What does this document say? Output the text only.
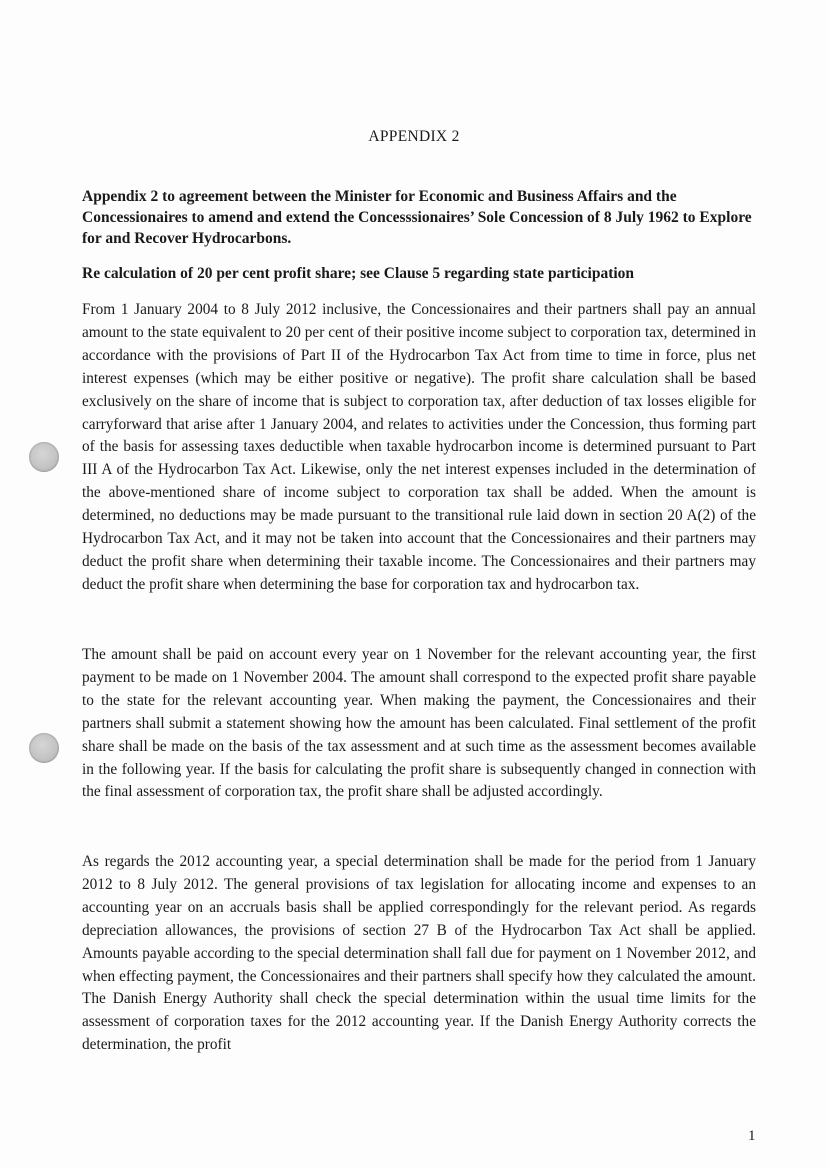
APPENDIX 2
Appendix 2 to agreement between the Minister for Economic and Business Affairs and the Concessionaires to amend and extend the Concesssionaires’ Sole Concession of 8 July 1962 to Explore for and Recover Hydrocarbons.
Re calculation of 20 per cent profit share; see Clause 5 regarding state participation

From 1 January 2004 to 8 July 2012 inclusive, the Concessionaires and their partners shall pay an annual amount to the state equivalent to 20 per cent of their positive income subject to corporation tax, determined in accordance with the provisions of Part II of the Hydrocarbon Tax Act from time to time in force, plus net interest expenses (which may be either positive or negative). The profit share calculation shall be based exclusively on the share of income that is subject to corporation tax, after deduction of tax losses eligible for carryforward that arise after 1 January 2004, and relates to activities under the Concession, thus forming part of the basis for assessing taxes deductible when taxable hydrocarbon income is determined pursuant to Part III A of the Hydrocarbon Tax Act. Likewise, only the net interest expenses included in the determination of the above-mentioned share of income subject to corporation tax shall be added. When the amount is determined, no deductions may be made pursuant to the transitional rule laid down in section 20 A(2) of the Hydrocarbon Tax Act, and it may not be taken into account that the Concessionaires and their partners may deduct the profit share when determining their taxable income. The Concessionaires and their partners may deduct the profit share when determining the base for corporation tax and hydrocarbon tax.

The amount shall be paid on account every year on 1 November for the relevant accounting year, the first payment to be made on 1 November 2004. The amount shall correspond to the expected profit share payable to the state for the relevant accounting year. When making the payment, the Concessionaires and their partners shall submit a statement showing how the amount has been calculated. Final settlement of the profit share shall be made on the basis of the tax assessment and at such time as the assessment becomes available in the following year. If the basis for calculating the profit share is subsequently changed in connection with the final assessment of corporation tax, the profit share shall be adjusted accordingly.

As regards the 2012 accounting year, a special determination shall be made for the period from 1 January 2012 to 8 July 2012. The general provisions of tax legislation for allocating income and expenses to an accounting year on an accruals basis shall be applied correspondingly for the relevant period. As regards depreciation allowances, the provisions of section 27 B of the Hydrocarbon Tax Act shall be applied. Amounts payable according to the special determination shall fall due for payment on 1 November 2012, and when effecting payment, the Concessionaires and their partners shall specify how they calculated the amount. The Danish Energy Authority shall check the special determination within the usual time limits for the assessment of corporation taxes for the 2012 accounting year. If the Danish Energy Authority corrects the determination, the profit

1
